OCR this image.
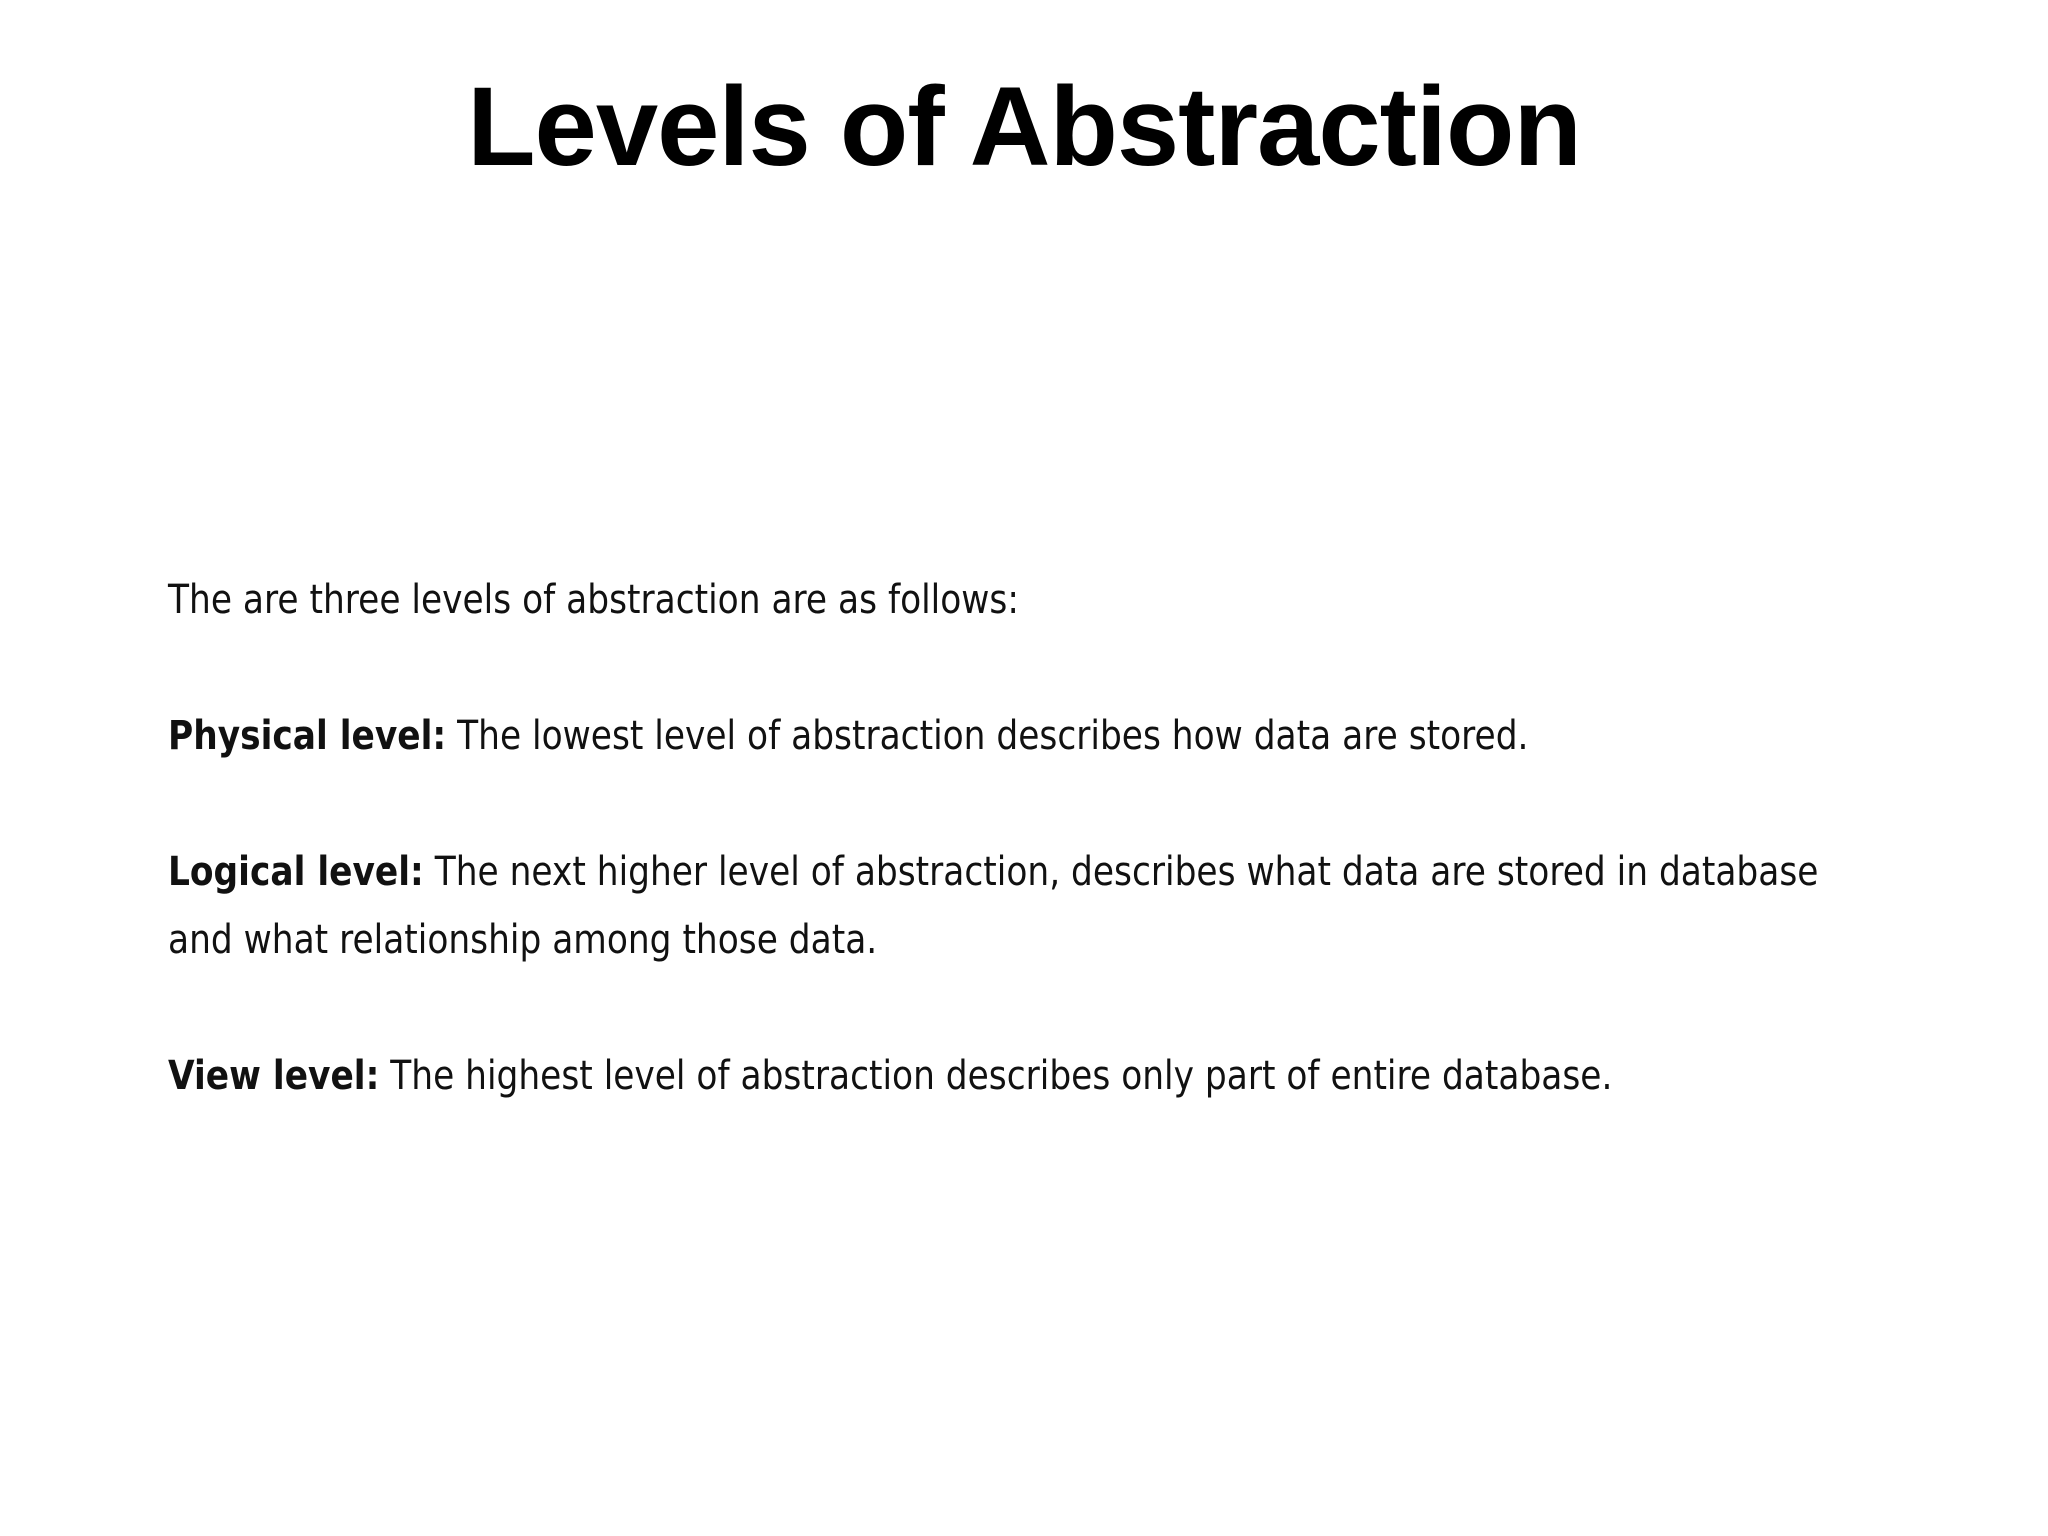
Levels of Abstraction

The are three levels of abstraction are as follows:

Physical level: The lowest level of abstraction describes how data are stored.

Logical level: The next higher level of abstraction, describes what data are stored in database and what relationship among those data.

View level: The highest level of abstraction describes only part of entire database.
